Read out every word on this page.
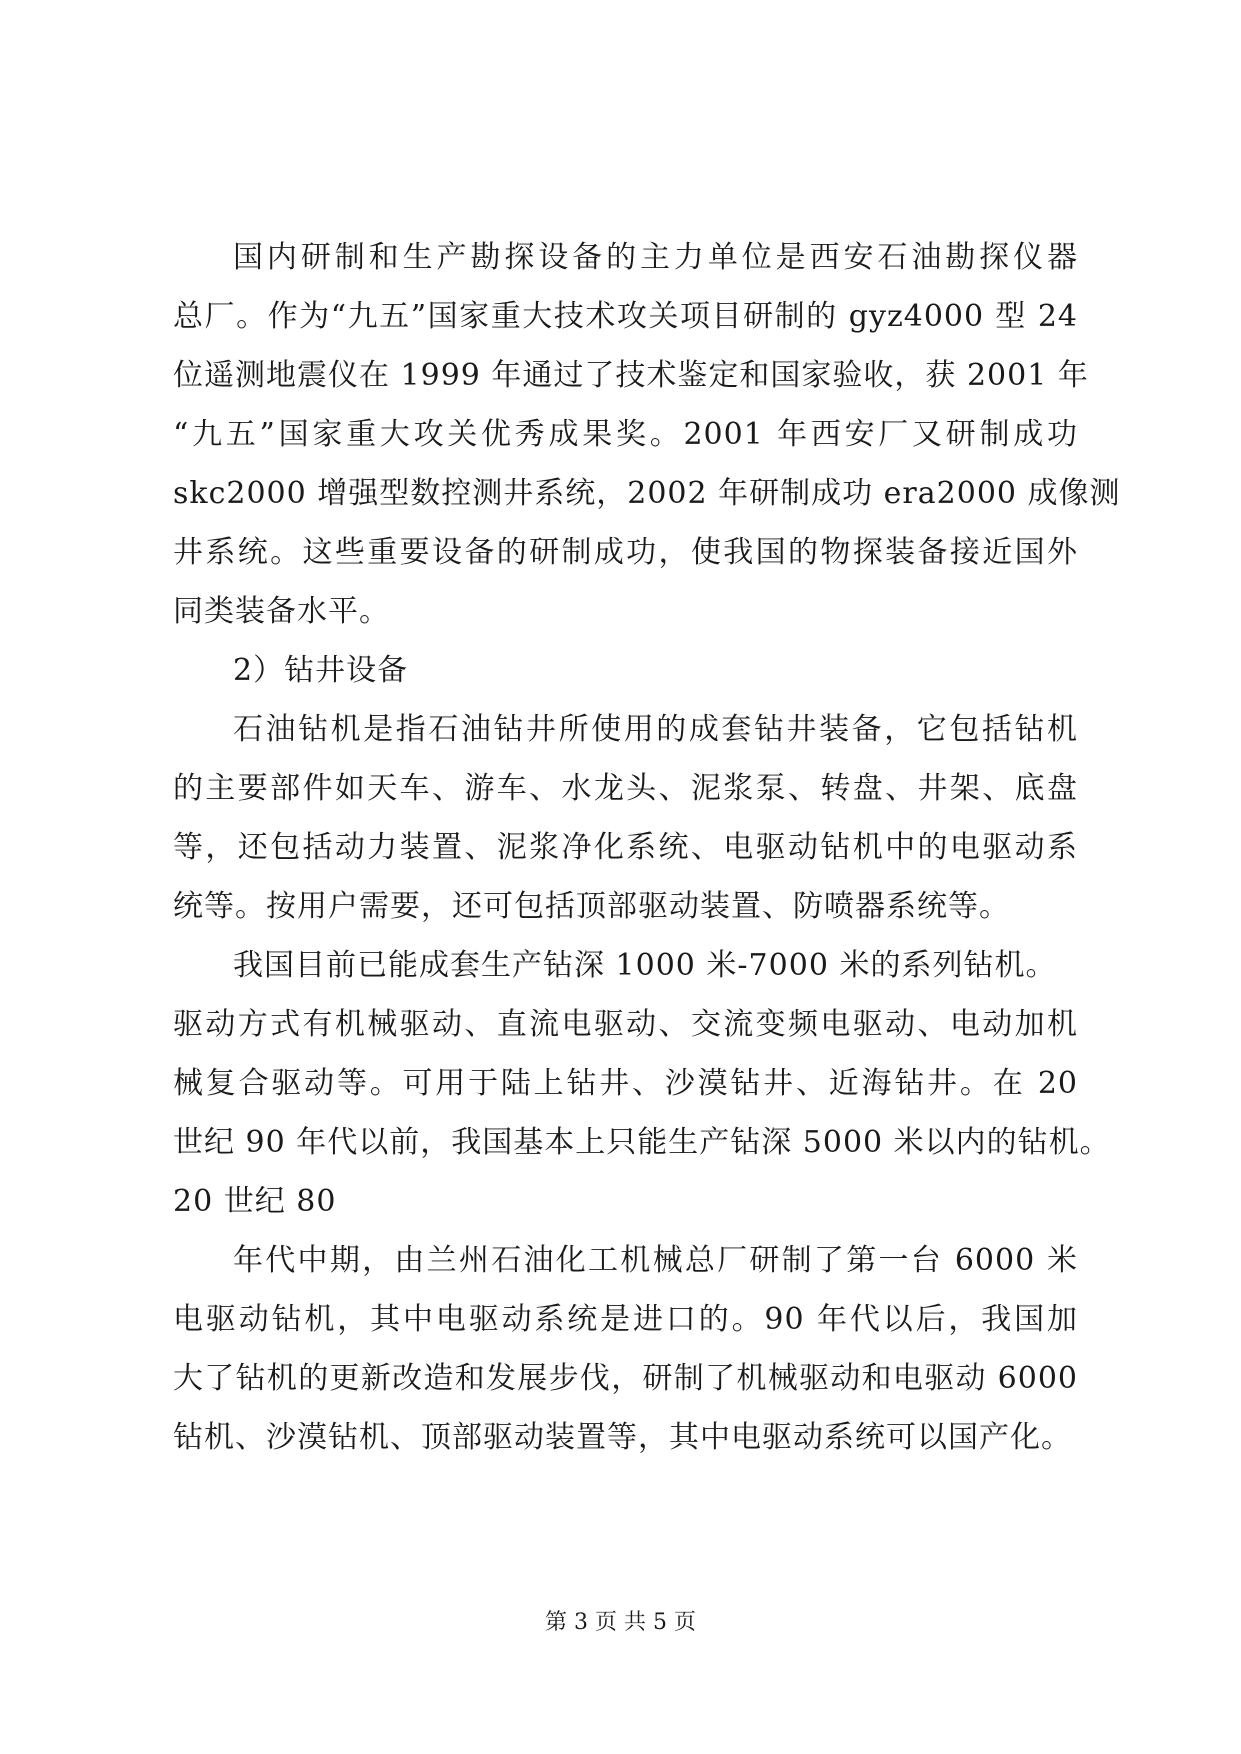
国内研制和生产勘探设备的主力单位是西安石油勘探仪器
总厂。作为“九五”国家重大技术攻关项目研制的 gyz4000 型 24
位遥测地震仪在 1999 年通过了技术鉴定和国家验收，获 2001 年
“九五”国家重大攻关优秀成果奖。2001 年西安厂又研制成功
skc2000 增强型数控测井系统，2002 年研制成功 era2000 成像测
井系统。这些重要设备的研制成功，使我国的物探装备接近国外
同类装备水平。
2）钻井设备
石油钻机是指石油钻井所使用的成套钻井装备，它包括钻机
的主要部件如天车、游车、水龙头、泥浆泵、转盘、井架、底盘
等，还包括动力装置、泥浆净化系统、电驱动钻机中的电驱动系
统等。按用户需要，还可包括顶部驱动装置、防喷器系统等。
我国目前已能成套生产钻深 1000 米-7000 米的系列钻机。
驱动方式有机械驱动、直流电驱动、交流变频电驱动、电动加机
械复合驱动等。可用于陆上钻井、沙漠钻井、近海钻井。在 20
世纪 90 年代以前，我国基本上只能生产钻深 5000 米以内的钻机。
20 世纪 80
年代中期，由兰州石油化工机械总厂研制了第一台 6000 米
电驱动钻机，其中电驱动系统是进口的。90 年代以后，我国加
大了钻机的更新改造和发展步伐，研制了机械驱动和电驱动 6000
钻机、沙漠钻机、顶部驱动装置等，其中电驱动系统可以国产化。
第 3 页 共 5 页
